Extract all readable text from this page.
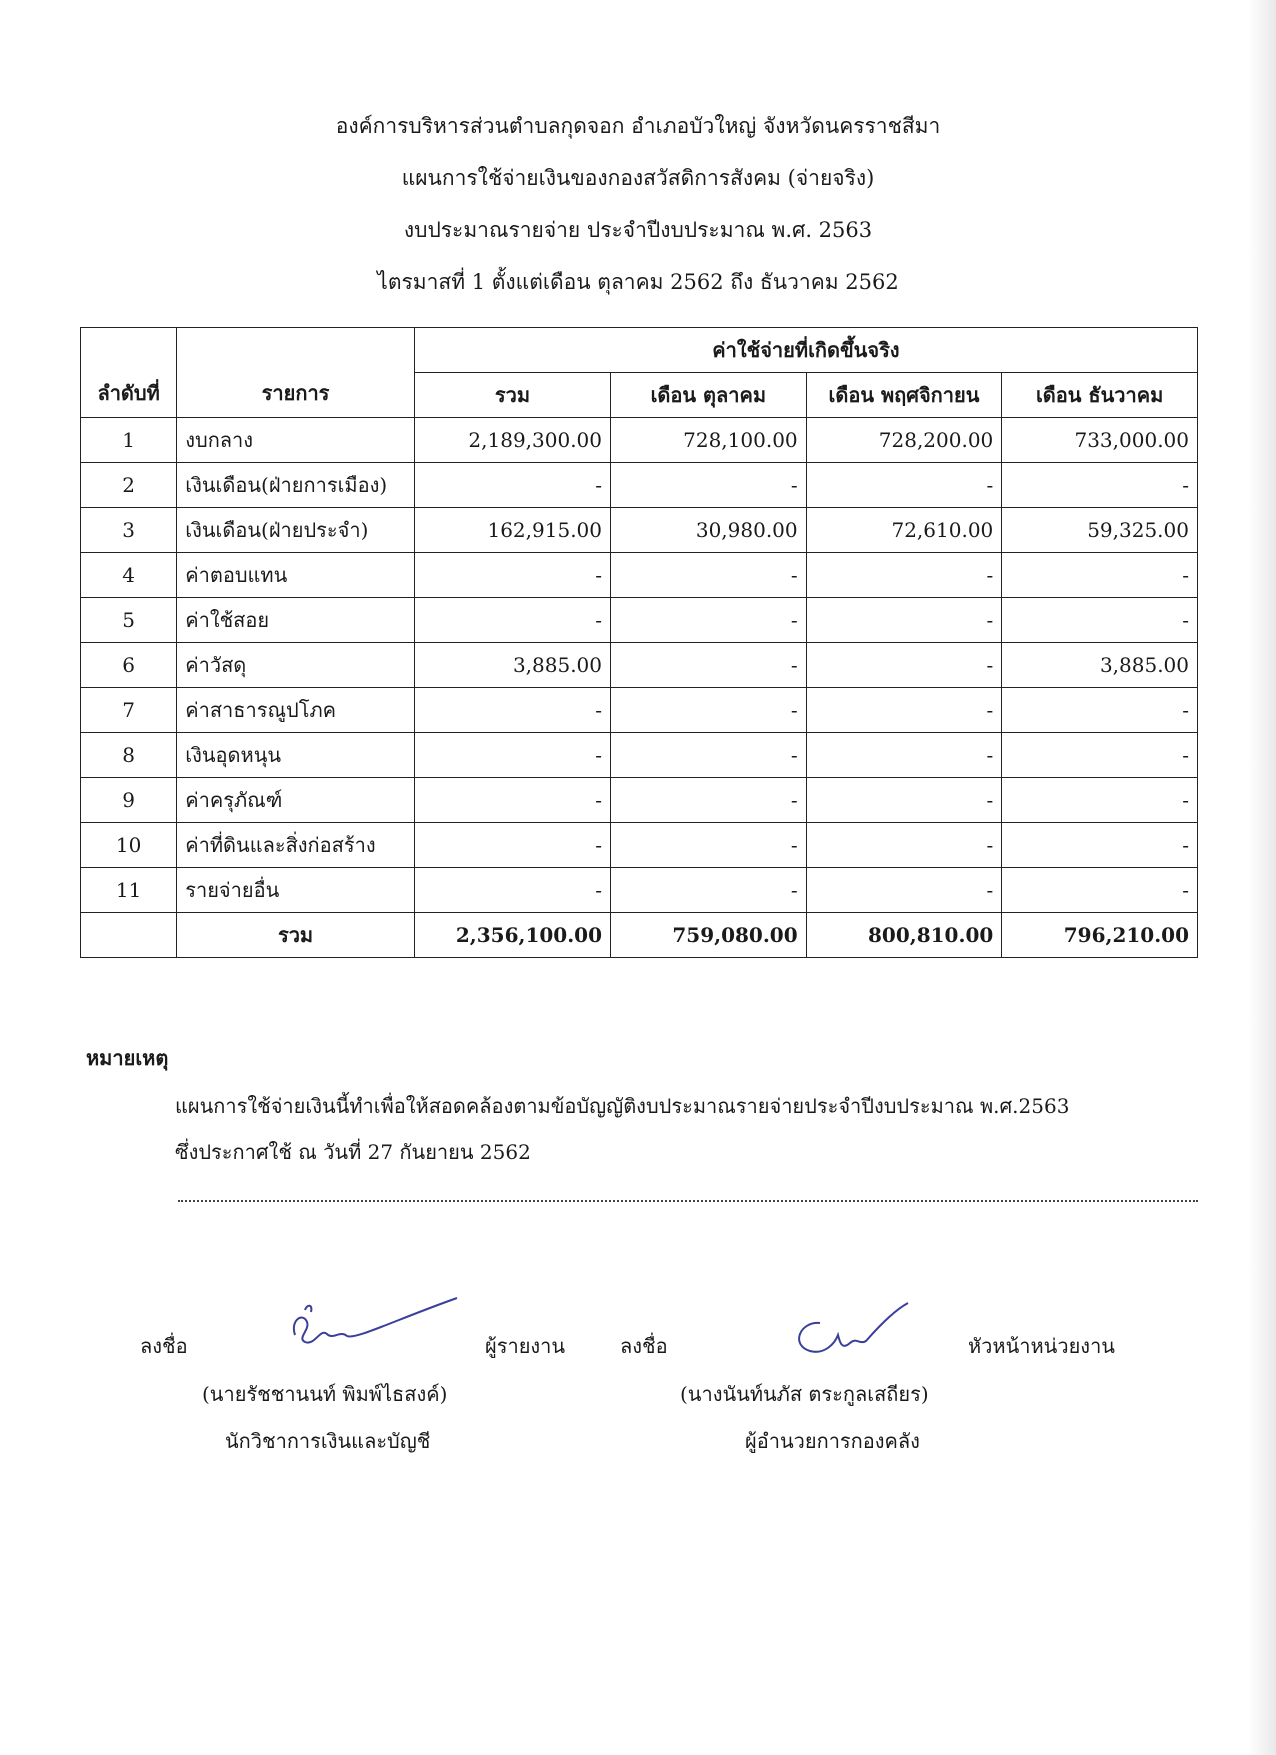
องค์การบริหารส่วนตำบลกุดจอก อำเภอบัวใหญ่ จังหวัดนครราชสีมา
แผนการใช้จ่ายเงินของกองสวัสดิการสังคม (จ่ายจริง)
งบประมาณรายจ่าย ประจำปีงบประมาณ พ.ศ. 2563
ไตรมาสที่ 1 ตั้งแต่เดือน ตุลาคม 2562 ถึง ธันวาคม 2562
ลำดับที่	รายการ	ค่าใช้จ่ายที่เกิดขึ้นจริง			
		รวม	เดือน ตุลาคม	เดือน พฤศจิกายน	เดือน ธันวาคม
1	งบกลาง	2,189,300.00	728,100.00	728,200.00	733,000.00
2	เงินเดือน(ฝ่ายการเมือง)	-	-	-	-
3	เงินเดือน(ฝ่ายประจำ)	162,915.00	30,980.00	72,610.00	59,325.00
4	ค่าตอบแทน	-	-	-	-
5	ค่าใช้สอย	-	-	-	-
6	ค่าวัสดุ	3,885.00	-	-	3,885.00
7	ค่าสาธารณูปโภค	-	-	-	-
8	เงินอุดหนุน	-	-	-	-
9	ค่าครุภัณฑ์	-	-	-	-
10	ค่าที่ดินและสิ่งก่อสร้าง	-	-	-	-
11	รายจ่ายอื่น	-	-	-	-
	รวม	2,356,100.00	759,080.00	800,810.00	796,210.00
หมายเหตุ
แผนการใช้จ่ายเงินนี้ทำเพื่อให้สอดคล้องตามข้อบัญญัติงบประมาณรายจ่ายประจำปีงบประมาณ พ.ศ.2563
ซึ่งประกาศใช้ ณ วันที่ 27 กันยายน 2562
ลงชื่อ	ผู้รายงาน
(นายรัชชานนท์ พิมพ์ไธสงค์)
นักวิชาการเงินและบัญชี
ลงชื่อ	หัวหน้าหน่วยงาน
(นางนันท์นภัส ตระกูลเสถียร)
ผู้อำนวยการกองคลัง
